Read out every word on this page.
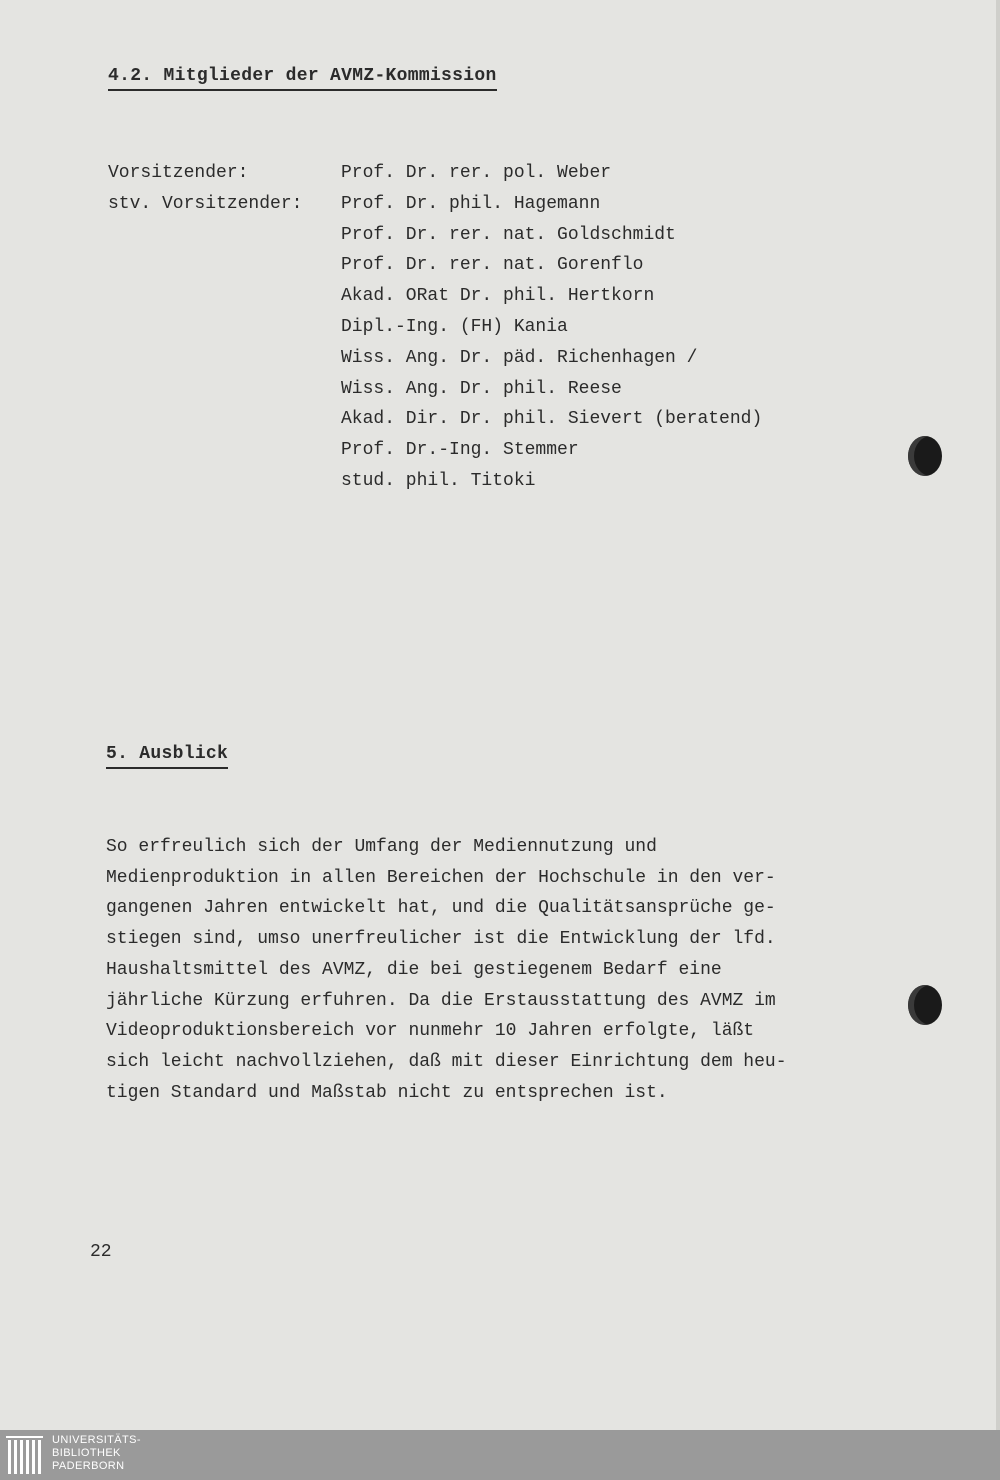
4.2. Mitglieder der AVMZ-Kommission
Vorsitzender:	Prof. Dr. rer. pol. Weber
stv. Vorsitzender: Prof. Dr. phil. Hagemann
Prof. Dr. rer. nat. Goldschmidt
Prof. Dr. rer. nat. Gorenflo
Akad. ORat Dr. phil. Hertkorn
Dipl.-Ing. (FH) Kania
Wiss. Ang. Dr. päd. Richenhagen /
Wiss. Ang. Dr. phil. Reese
Akad. Dir. Dr. phil. Sievert (beratend)
Prof. Dr.-Ing. Stemmer
stud. phil. Titoki
5. Ausblick

So erfreulich sich der Umfang der Mediennutzung und
Medienproduktion in allen Bereichen der Hochschule in den ver-
gangenen Jahren entwickelt hat, und die Qualitätsansprüche ge-
stiegen sind, umso unerfreulicher ist die Entwicklung der lfd.
Haushaltsmittel des AVMZ, die bei gestiegenem Bedarf eine
jährliche Kürzung erfuhren. Da die Erstausstattung des AVMZ im
Videoproduktionsbereich vor nunmehr 10 Jahren erfolgte, läßt
sich leicht nachvollziehen, daß mit dieser Einrichtung dem heu-
tigen Standard und Maßstab nicht zu entsprechen ist.

22
UNIVERSITÄTS-
BIBLIOTHEK
PADERBORN
